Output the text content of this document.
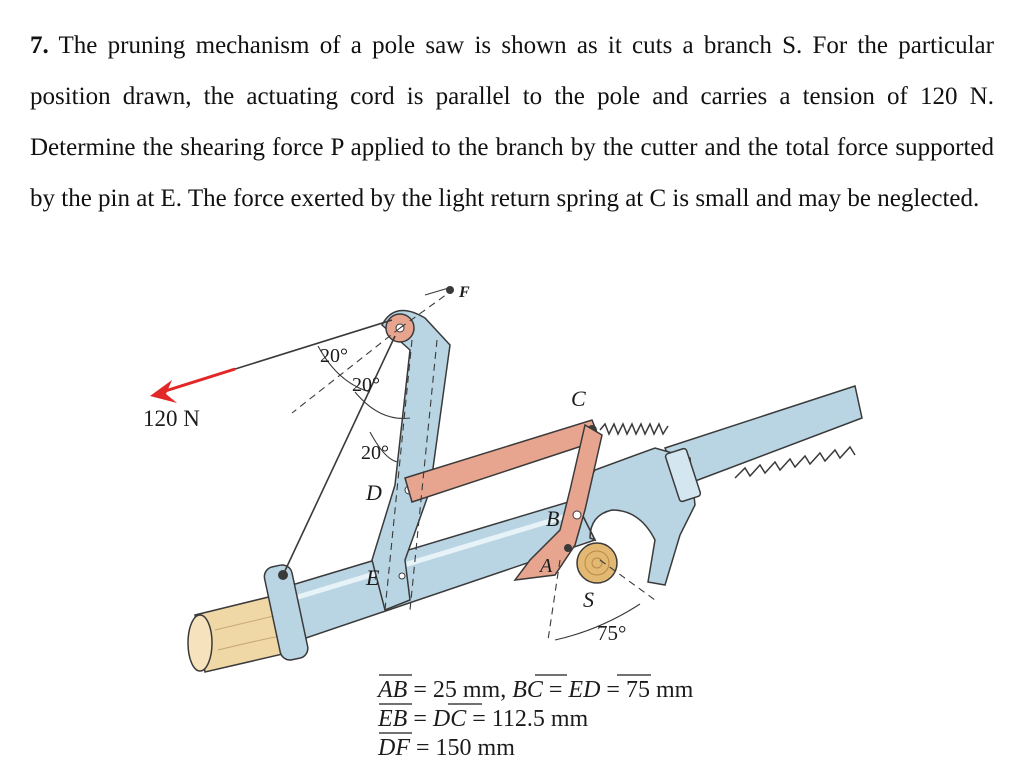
7. The pruning mechanism of a pole saw is shown as it cuts a branch S. For the particular position drawn, the actuating cord is parallel to the pole and carries a tension of 120 N. Determine the shearing force P applied to the branch by the cutter and the total force supported by the pin at E. The force exerted by the light return spring at C is small and may be neglected.

120 N
F
20°
20°
20°
D
C
B
A
E
S
75°
AB = 25 mm, BC = ED = 75 mm
EB = DC = 112.5 mm
DF = 150 mm
